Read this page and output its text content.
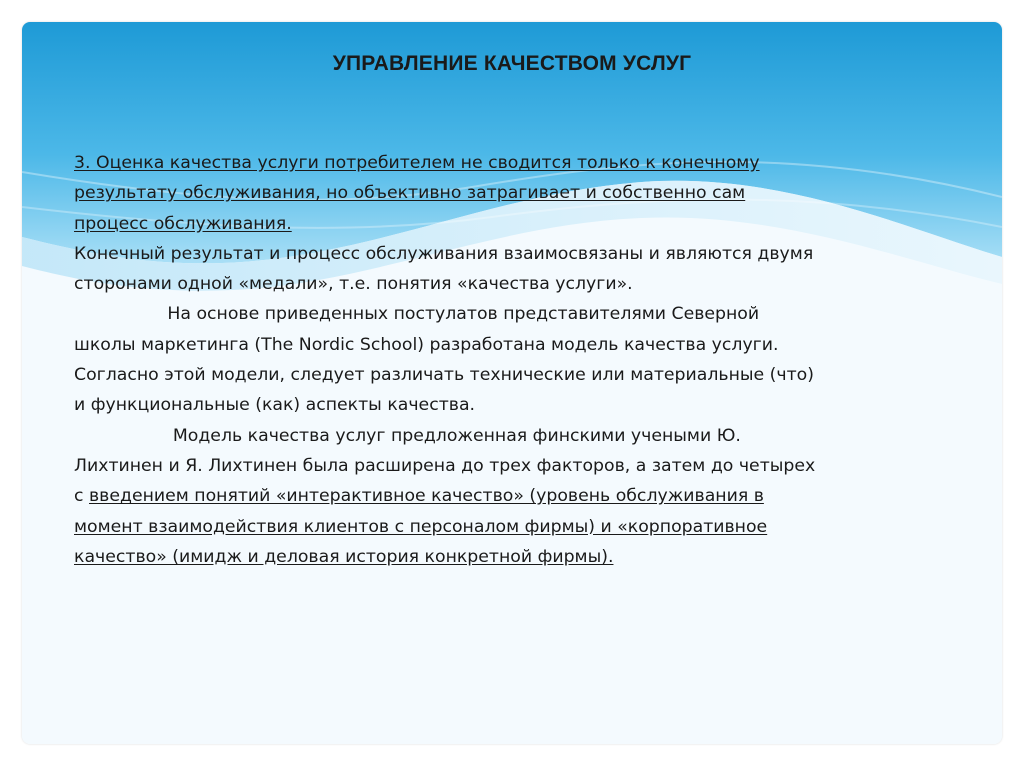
УПРАВЛЕНИЕ КАЧЕСТВОМ УСЛУГ
3. Оценка качества услуги потребителем не сводится только к конечному
результату обслуживания, но объективно затрагивает и собственно сам
процесс обслуживания.
Конечный результат и процесс обслуживания взаимосвязаны и являются двумя
сторонами одной «медали», т.е. понятия «качества услуги».
На основе приведенных постулатов представителями Северной
школы маркетинга (The Nordic School) разработана модель качества услуги.
Согласно этой модели, следует различать технические или материальные (что)
и функциональные (как) аспекты качества.
Модель качества услуг предложенная финскими учеными Ю.
Лихтинен и Я. Лихтинен была расширена до трех факторов, а затем до четырех
с введением понятий «интерактивное качество» (уровень обслуживания в
момент взаимодействия клиентов с персоналом фирмы) и «корпоративное
качество» (имидж и деловая история конкретной фирмы).
